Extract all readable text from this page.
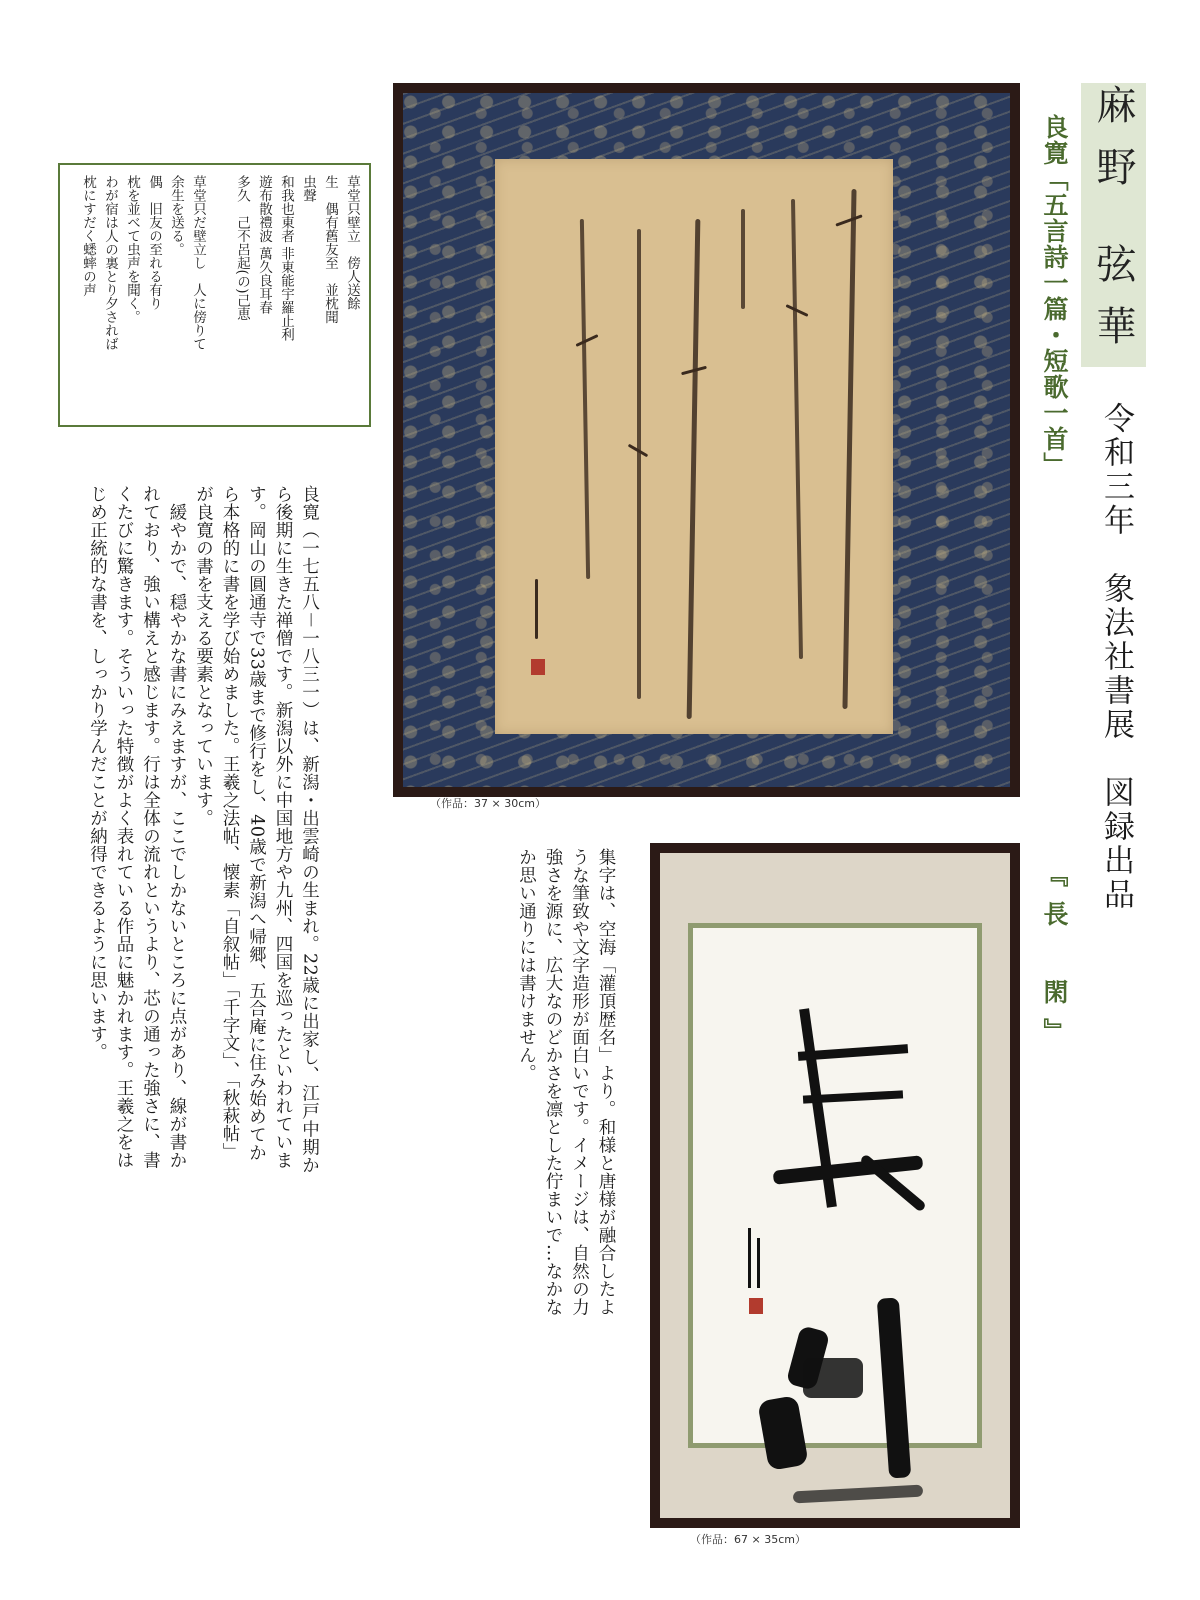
麻野 弦華
令和三年　象法社書展　図録出品
良寛「五言詩一篇・短歌一首」
『長　閑』
（作品：37 × 30cm）
（作品：67 × 35cm）
草堂只壁立　傍人送餘
生　偶有舊友至　並枕聞
虫聲
和我也東者 非東能宇羅止利
遊布散禮波 萬久良耳春
多久　己不呂起(の)己恵
草堂只だ壁立し　人に傍りて
余生を送る。
偶　旧友の至れる有り
枕を並べて虫声を聞く。
わが宿は人の裏とり夕されば
枕にすだく蟋蟀の声

良寛（一七五八－一八三一）は、新潟・出雲崎の生まれ。22歳に出家し、江戸中期から後期に生きた禅僧です。新潟以外に中国地方や九州、四国を巡ったといわれています。岡山の圓通寺で33歳まで修行をし、40歳で新潟へ帰郷、五合庵に住み始めてから本格的に書を学び始めました。王羲之法帖、懐素「自叙帖」「千字文」、「秋萩帖」が良寛の書を支える要素となっています。

緩やかで、穏やかな書にみえますが、ここでしかないところに点があり、線が書かれており、強い構えと感じます。行は全体の流れというより、芯の通った強さに、書くたびに驚きます。そういった特徴がよく表れている作品に魅かれます。王羲之をはじめ正統的な書を、しっかり学んだことが納得できるように思います。

集字は、空海「灌頂歴名」より。和様と唐様が融合したような筆致や文字造形が面白いです。イメージは、自然の力強さを源に、広大なのどかさを凛とした佇まいで…なかなか思い通りには書けません。
